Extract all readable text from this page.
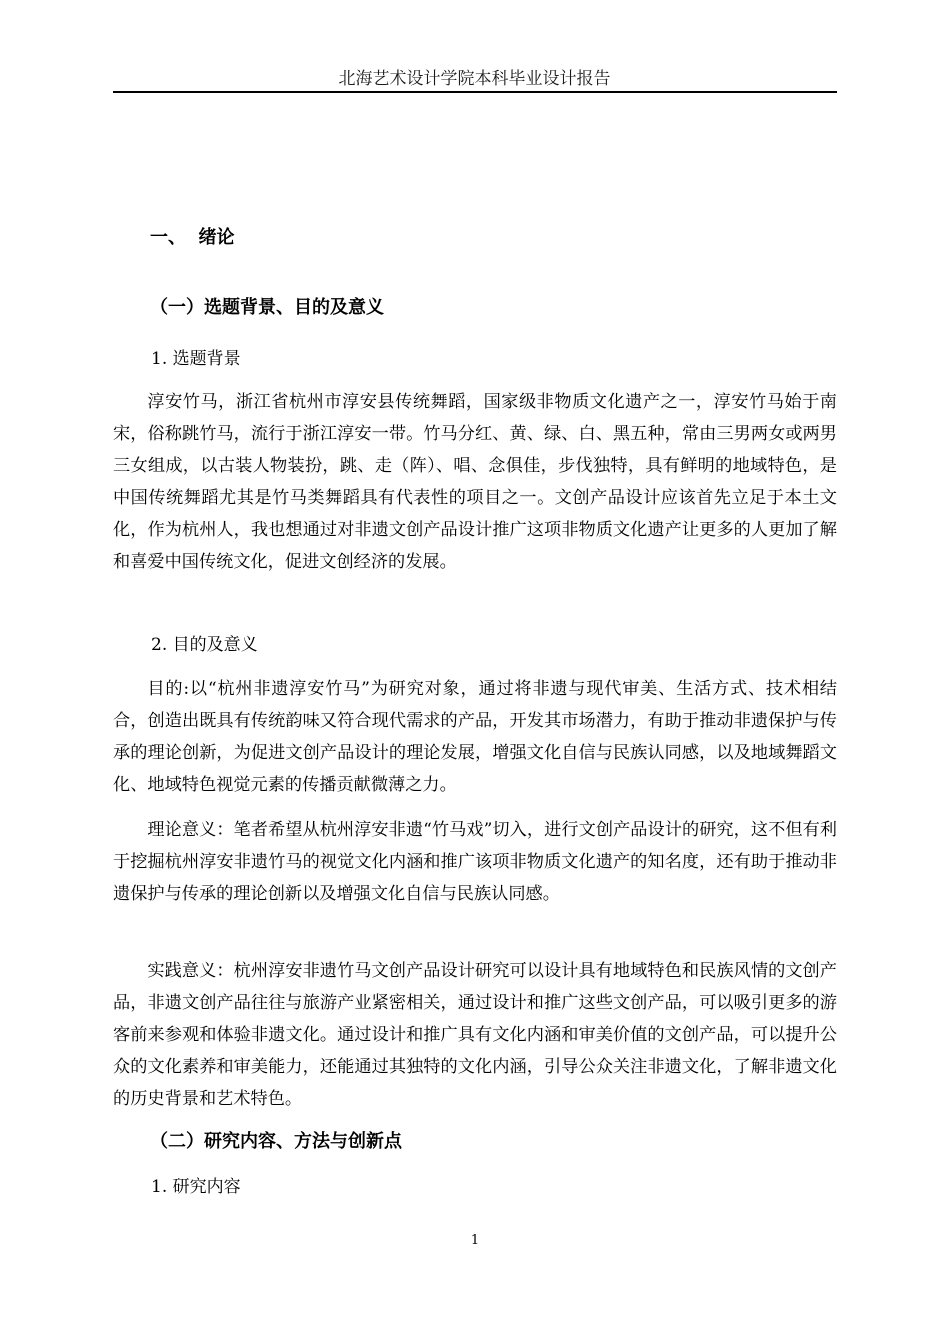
北海艺术设计学院本科毕业设计报告
一、  绪论
（一）选题背景、目的及意义
1. 选题背景

淳安竹马，浙江省杭州市淳安县传统舞蹈，国家级非物质文化遗产之一，淳安竹马始于南宋，俗称跳竹马，流行于浙江淳安一带。竹马分红、黄、绿、白、黑五种，常由三男两女或两男三女组成，以古装人物装扮，跳、走（阵）、唱、念俱佳，步伐独特，具有鲜明的地域特色，是中国传统舞蹈尤其是竹马类舞蹈具有代表性的项目之一。文创产品设计应该首先立足于本土文化，作为杭州人，我也想通过对非遗文创产品设计推广这项非物质文化遗产让更多的人更加了解和喜爱中国传统文化，促进文创经济的发展。

2. 目的及意义

目的:以“杭州非遗淳安竹马”为研究对象，通过将非遗与现代审美、生活方式、技术相结合，创造出既具有传统韵味又符合现代需求的产品，开发其市场潜力，有助于推动非遗保护与传承的理论创新，为促进文创产品设计的理论发展，增强文化自信与民族认同感，以及地域舞蹈文化、地域特色视觉元素的传播贡献微薄之力。

理论意义：笔者希望从杭州淳安非遗“竹马戏”切入，进行文创产品设计的研究，这不但有利于挖掘杭州淳安非遗竹马的视觉文化内涵和推广该项非物质文化遗产的知名度，还有助于推动非遗保护与传承的理论创新以及增强文化自信与民族认同感。

实践意义：杭州淳安非遗竹马文创产品设计研究可以设计具有地域特色和民族风情的文创产品，非遗文创产品往往与旅游产业紧密相关，通过设计和推广这些文创产品，可以吸引更多的游客前来参观和体验非遗文化。通过设计和推广具有文化内涵和审美价值的文创产品，可以提升公众的文化素养和审美能力，还能通过其独特的文化内涵，引导公众关注非遗文化，了解非遗文化的历史背景和艺术特色。

（二）研究内容、方法与创新点
1. 研究内容
1
